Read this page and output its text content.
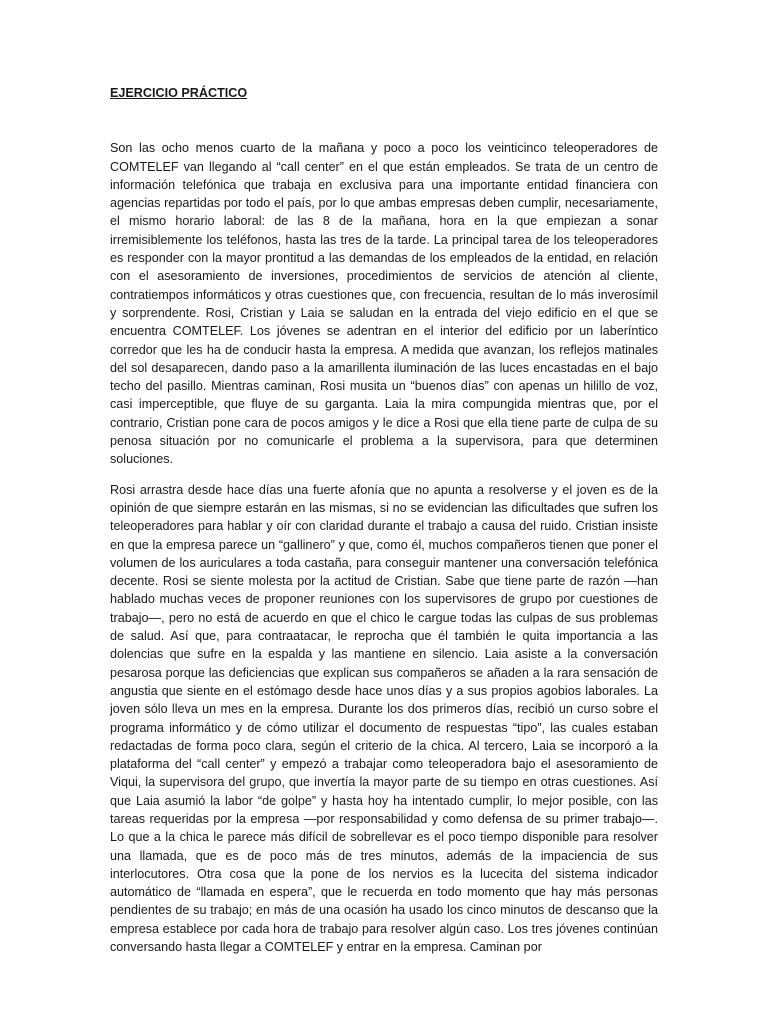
EJERCICIO PRÁCTICO

Son las ocho menos cuarto de la mañana y poco a poco los veinticinco teleoperadores de COMTELEF van llegando al “call center” en el que están empleados. Se trata de un centro de información telefónica que trabaja en exclusiva para una importante entidad financiera con agencias repartidas por todo el país, por lo que ambas empresas deben cumplir, necesariamente, el mismo horario laboral: de las 8 de la mañana, hora en la que empiezan a sonar irremisiblemente los teléfonos, hasta las tres de la tarde. La principal tarea de los teleoperadores es responder con la mayor prontitud a las demandas de los empleados de la entidad, en relación con el asesoramiento de inversiones, procedimientos de servicios de atención al cliente, contratiempos informáticos y otras cuestiones que, con frecuencia, resultan de lo más inverosímil y sorprendente. Rosi, Cristian y Laia se saludan en la entrada del viejo edificio en el que se encuentra COMTELEF. Los jóvenes se adentran en el interior del edificio por un laberíntico corredor que les ha de conducir hasta la empresa. A medida que avanzan, los reflejos matinales del sol desaparecen, dando paso a la amarillenta iluminación de las luces encastadas en el bajo techo del pasillo. Mientras caminan, Rosi musita un “buenos días” con apenas un hilillo de voz, casi imperceptible, que fluye de su garganta. Laia la mira compungida mientras que, por el contrario, Cristian pone cara de pocos amigos y le dice a Rosi que ella tiene parte de culpa de su penosa situación por no comunicarle el problema a la supervisora, para que determinen soluciones.

Rosi arrastra desde hace días una fuerte afonía que no apunta a resolverse y el joven es de la opinión de que siempre estarán en las mismas, si no se evidencian las dificultades que sufren los teleoperadores para hablar y oír con claridad durante el trabajo a causa del ruido. Cristian insiste en que la empresa parece un “gallinero” y que, como él, muchos compañeros tienen que poner el volumen de los auriculares a toda castaña, para conseguir mantener una conversación telefónica decente. Rosi se siente molesta por la actitud de Cristian. Sabe que tiene parte de razón —han hablado muchas veces de proponer reuniones con los supervisores de grupo por cuestiones de trabajo—, pero no está de acuerdo en que el chico le cargue todas las culpas de sus problemas de salud. Así que, para contraatacar, le reprocha que él también le quita importancia a las dolencias que sufre en la espalda y las mantiene en silencio. Laia asiste a la conversación pesarosa porque las deficiencias que explican sus compañeros se añaden a la rara sensación de angustia que siente en el estómago desde hace unos días y a sus propios agobios laborales. La joven sólo lleva un mes en la empresa. Durante los dos primeros días, recibió un curso sobre el programa informático y de cómo utilizar el documento de respuestas “tipo”, las cuales estaban redactadas de forma poco clara, según el criterio de la chica. Al tercero, Laia se incorporó a la plataforma del “call center” y empezó a trabajar como teleoperadora bajo el asesoramiento de Viqui, la supervisora del grupo, que invertía la mayor parte de su tiempo en otras cuestiones. Así que Laia asumió la labor “de golpe” y hasta hoy ha intentado cumplir, lo mejor posible, con las tareas requeridas por la empresa —por responsabilidad y como defensa de su primer trabajo—. Lo que a la chica le parece más difícil de sobrellevar es el poco tiempo disponible para resolver una llamada, que es de poco más de tres minutos, además de la impaciencia de sus interlocutores. Otra cosa que la pone de los nervios es la lucecita del sistema indicador automático de “llamada en espera”, que le recuerda en todo momento que hay más personas pendientes de su trabajo; en más de una ocasión ha usado los cinco minutos de descanso que la empresa establece por cada hora de trabajo para resolver algún caso. Los tres jóvenes continúan conversando hasta llegar a COMTELEF y entrar en la empresa. Caminan por
